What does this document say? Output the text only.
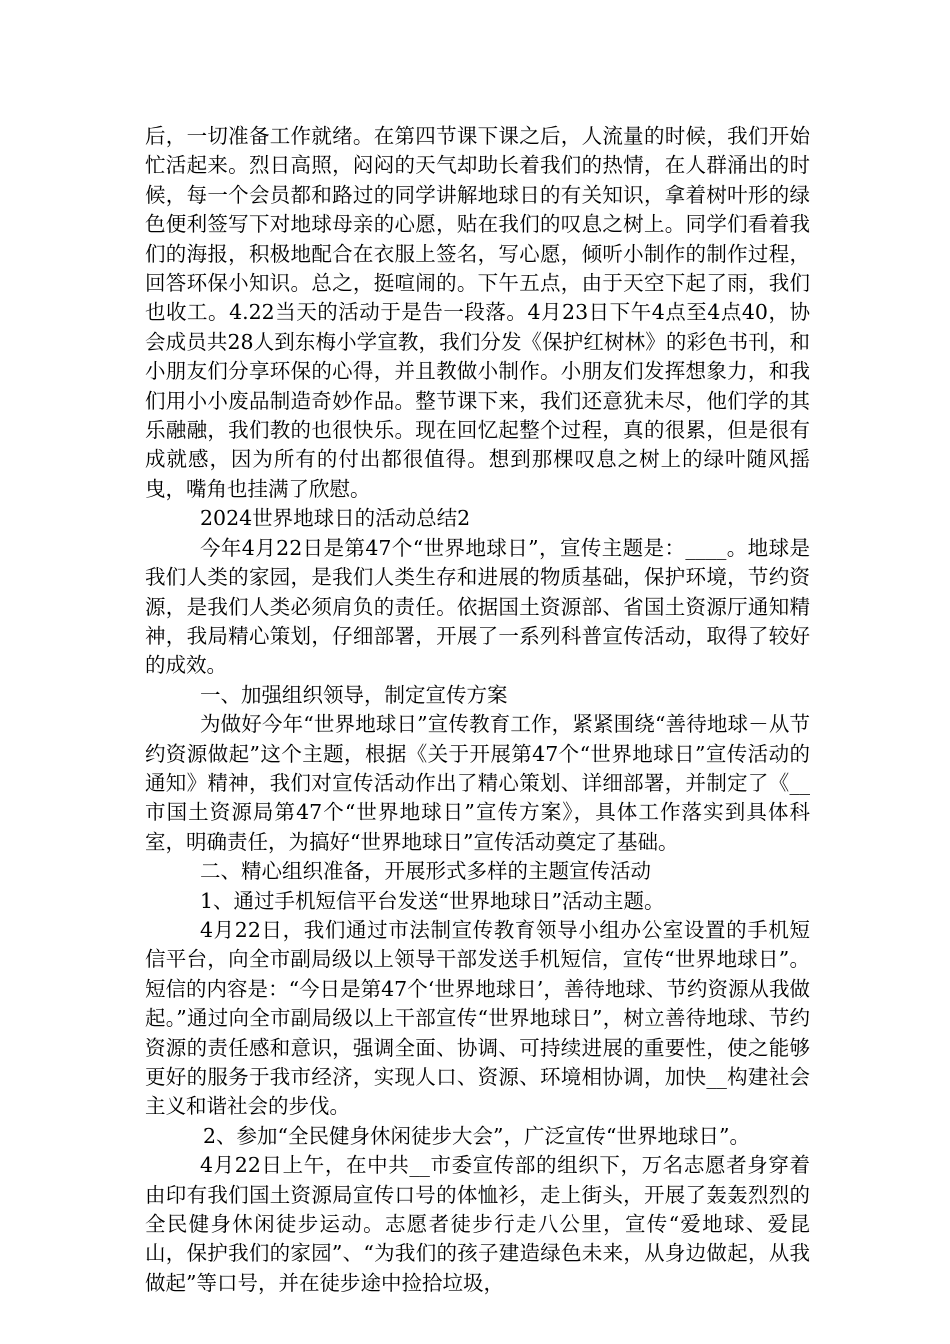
后，一切准备工作就绪。在第四节课下课之后，人流量的时候，我们开始忙活起来。烈日高照，闷闷的天气却助长着我们的热情，在人群涌出的时候，每一个会员都和路过的同学讲解地球日的有关知识，拿着树叶形的绿色便利签写下对地球母亲的心愿，贴在我们的叹息之树上。同学们看着我们的海报，积极地配合在衣服上签名，写心愿，倾听小制作的制作过程，回答环保小知识。总之，挺喧闹的。下午五点，由于天空下起了雨，我们也收工。4.22当天的活动于是告一段落。4月23日下午4点至4点40，协会成员共28人到东梅小学宣教，我们分发《保护红树林》的彩色书刊，和小朋友们分享环保的心得，并且教做小制作。小朋友们发挥想象力，和我们用小小废品制造奇妙作品。整节课下来，我们还意犹未尽，他们学的其乐融融，我们教的也很快乐。现在回忆起整个过程，真的很累，但是很有成就感，因为所有的付出都很值得。想到那棵叹息之树上的绿叶随风摇曳，嘴角也挂满了欣慰。

2024世界地球日的活动总结2

今年4月22日是第47个“世界地球日”，宣传主题是：____。地球是我们人类的家园，是我们人类生存和进展的物质基础，保护环境，节约资源，是我们人类必须肩负的责任。依据国土资源部、省国土资源厅通知精神，我局精心策划，仔细部署，开展了一系列科普宣传活动，取得了较好的成效。

一、加强组织领导，制定宣传方案

为做好今年“世界地球日”宣传教育工作，紧紧围绕“善待地球－从节约资源做起”这个主题，根据《关于开展第47个“世界地球日”宣传活动的通知》精神，我们对宣传活动作出了精心策划、详细部署，并制定了《__市国土资源局第47个“世界地球日”宣传方案》，具体工作落实到具体科室，明确责任，为搞好“世界地球日”宣传活动奠定了基础。

二、精心组织准备，开展形式多样的主题宣传活动

1、通过手机短信平台发送“世界地球日”活动主题。

4月22日，我们通过市法制宣传教育领导小组办公室设置的手机短信平台，向全市副局级以上领导干部发送手机短信，宣传“世界地球日”。短信的内容是：“今日是第47个‘世界地球日’，善待地球、节约资源从我做起。”通过向全市副局级以上干部宣传“世界地球日”，树立善待地球、节约资源的责任感和意识，强调全面、协调、可持续进展的重要性，使之能够更好的服务于我市经济，实现人口、资源、环境相协调，加快__构建社会主义和谐社会的步伐。

2、参加“全民健身休闲徒步大会”，广泛宣传“世界地球日”。

4月22日上午，在中共__市委宣传部的组织下，万名志愿者身穿着由印有我们国土资源局宣传口号的体恤衫，走上街头，开展了轰轰烈烈的全民健身休闲徒步运动。志愿者徒步行走八公里，宣传“爱地球、爱昆山，保护我们的家园”、“为我们的孩子建造绿色未来，从身边做起，从我做起”等口号，并在徒步途中捡拾垃圾，
